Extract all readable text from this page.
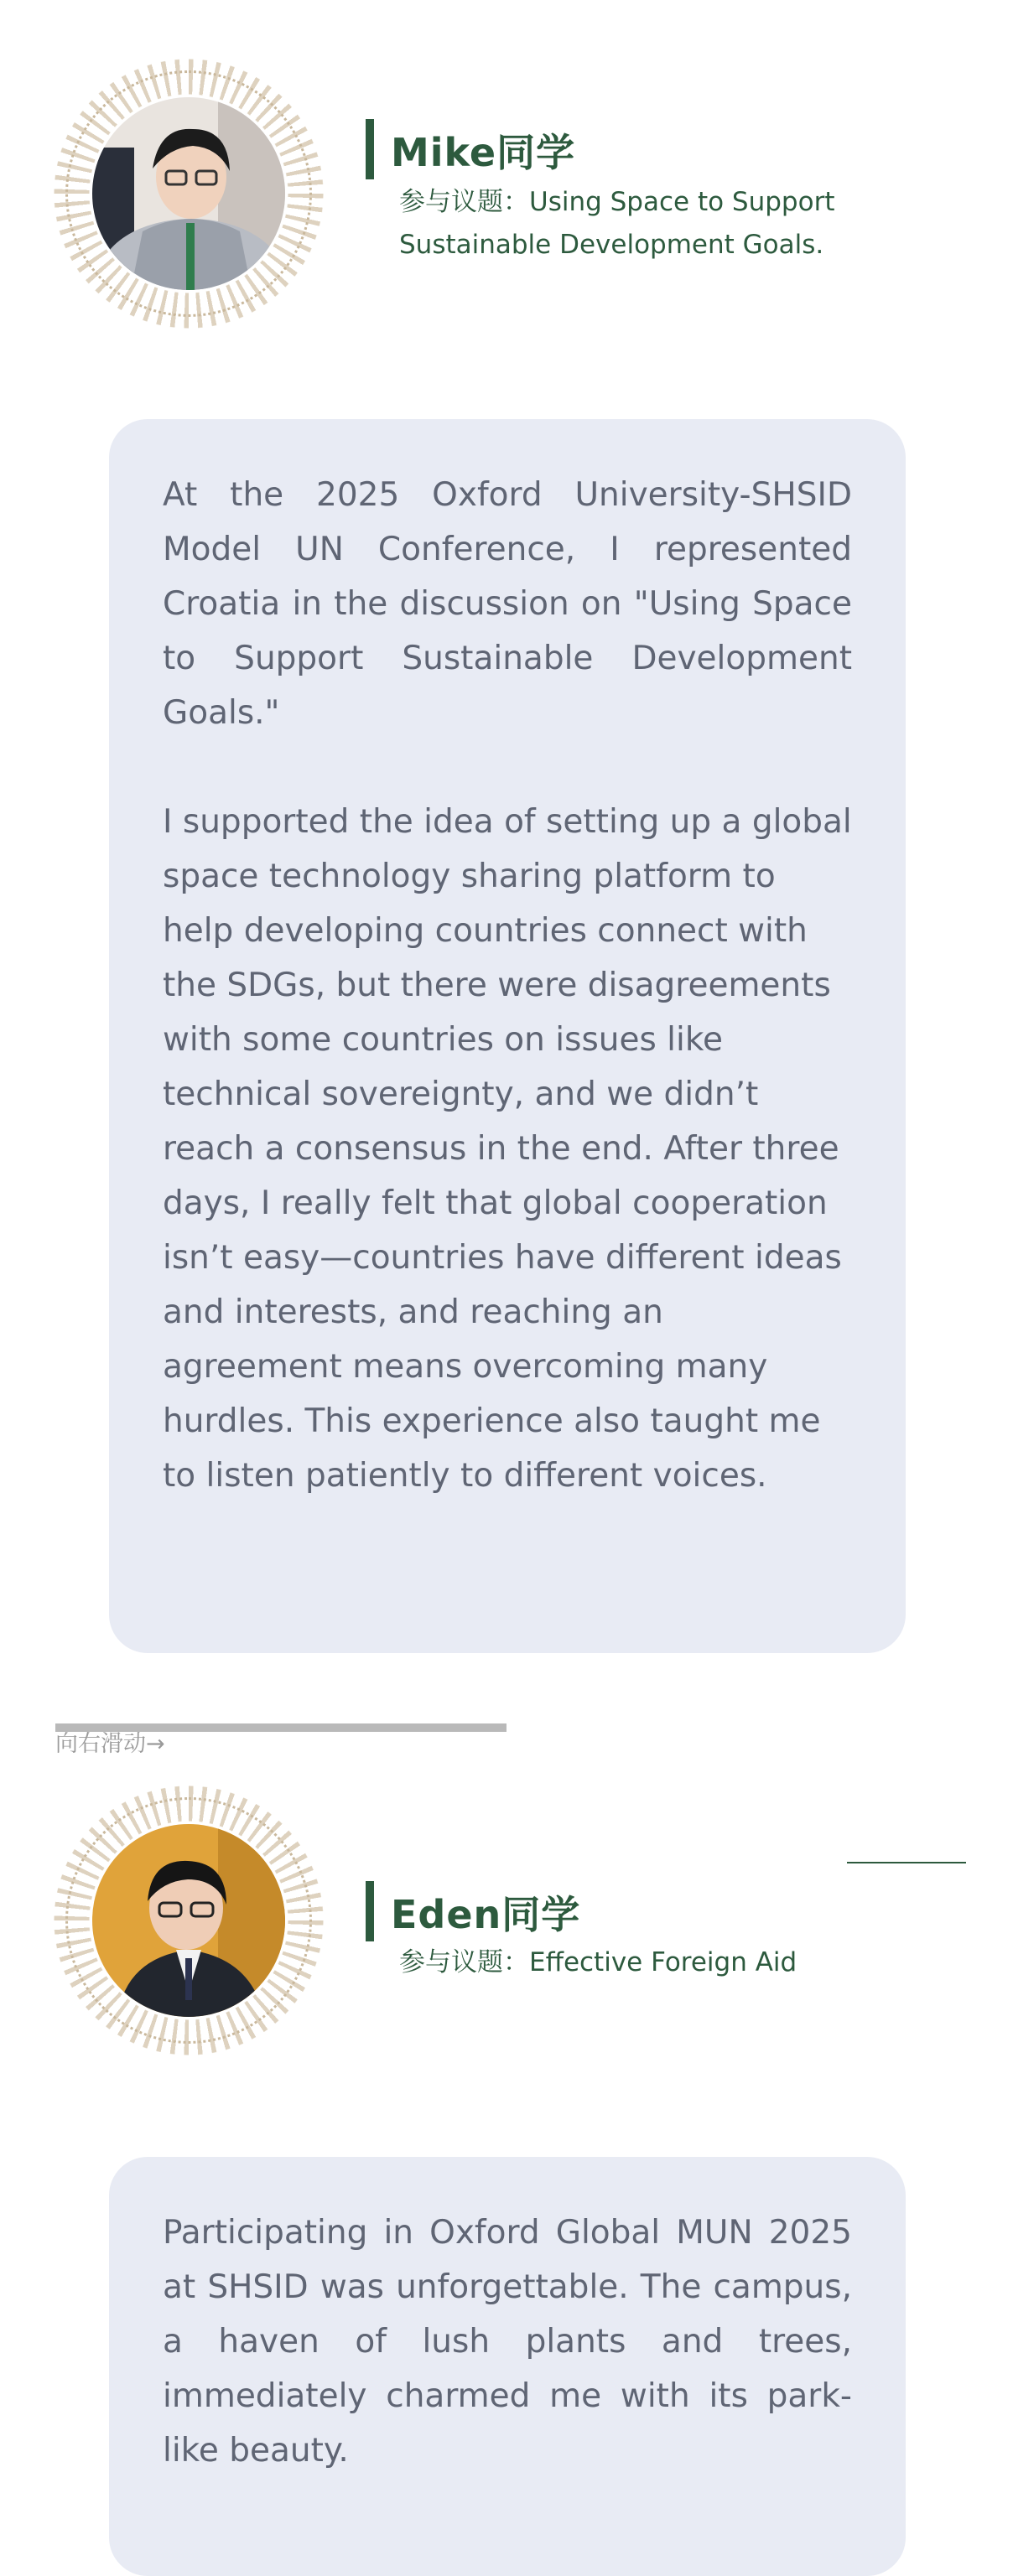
Mike同学
参与议题：Using Space to Support Sustainable Development Goals.

At the 2025 Oxford University-SHSID Model UN Conference, I represented Croatia in the discussion on "Using Space to Support Sustainable Development Goals."

I supported the idea of setting up a global space technology sharing platform to help developing countries connect with the SDGs, but there were disagreements with some countries on issues like technical sovereignty, and we didn’t reach a consensus in the end. After three days, I really felt that global cooperation isn’t easy—countries have different ideas and interests, and reaching an agreement means overcoming many hurdles. This experience also taught me to listen patiently to different voices.

向右滑动→
Eden同学
参与议题：Effective Foreign Aid

Participating in Oxford Global MUN 2025 at SHSID was unforgettable. The campus, a haven of lush plants and trees, immediately charmed me with its park-like beauty.
